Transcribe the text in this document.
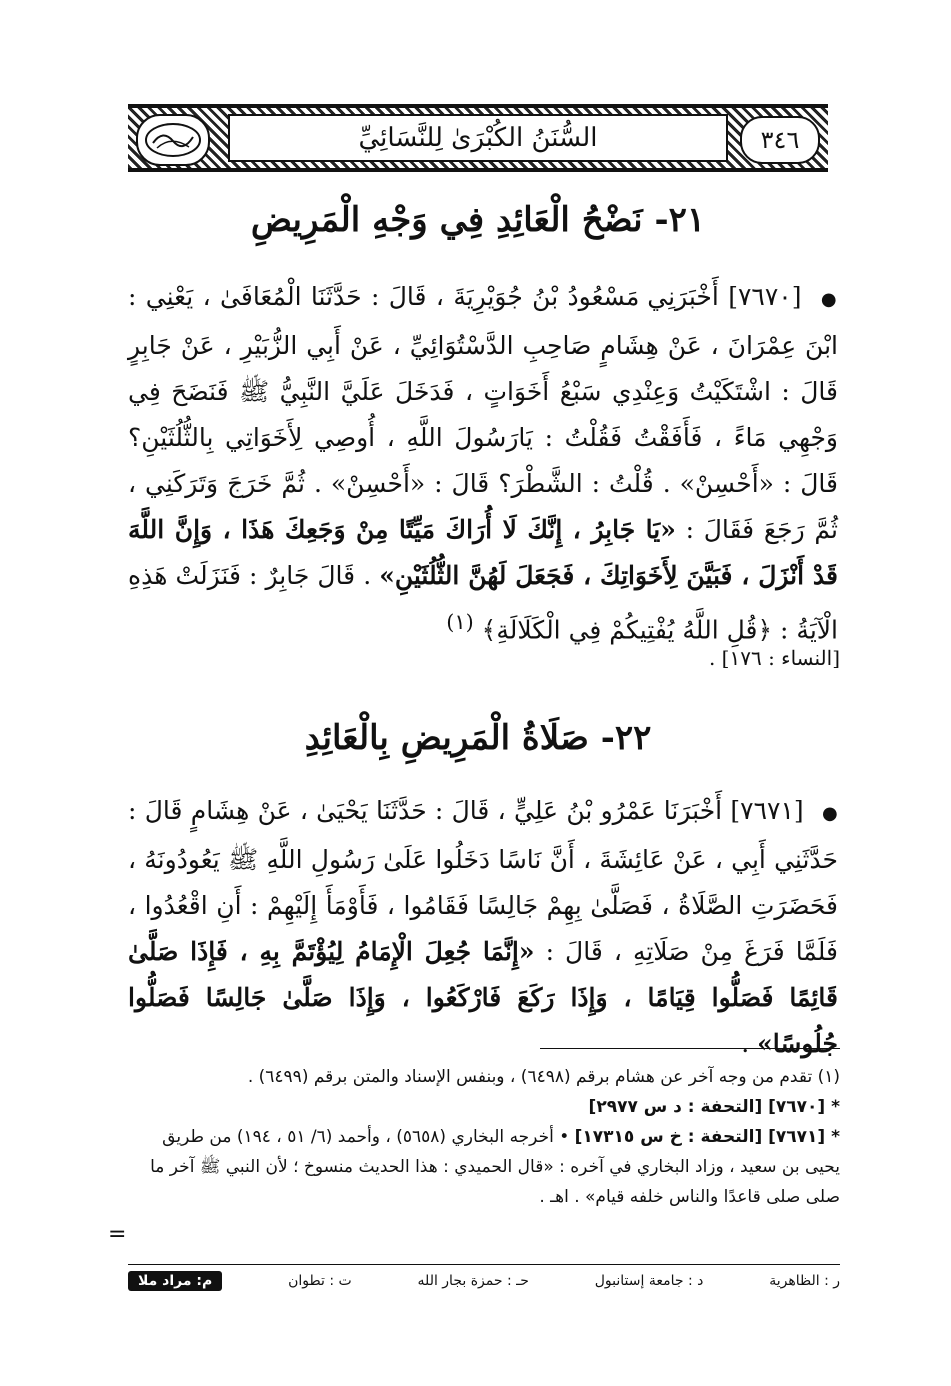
٣٤٦
السُّنَنُ الكُبْرَىٰ لِلنَّسَائِيِّ
٢١- نَضْحُ الْعَائِدِ فِي وَجْهِ الْمَرِيضِ
● [٧٦٧٠] أَخْبَرَنِي مَسْعُودُ بْنُ جُوَيْرِيَةَ ، قَالَ : حَدَّثَنَا الْمُعَافَىٰ ، يَعْنِي : ابْنَ عِمْرَانَ ، عَنْ هِشَامٍ صَاحِبِ الدَّسْتُوَائِيِّ ، عَنْ أَبِي الزُّبَيْرِ ، عَنْ جَابِرٍ قَالَ : اشْتَكَيْتُ وَعِنْدِي سَبْعُ أَخَوَاتٍ ، فَدَخَلَ عَلَيَّ النَّبِيُّ ﷺ فَنَضَحَ فِي وَجْهِي مَاءً ، فَأَفَقْتُ فَقُلْتُ : يَارَسُولَ اللَّهِ ، أُوصِي لِأَخَوَاتِي بِالثُّلُثَيْنِ؟ قَالَ : «أَحْسِنْ» . قُلْتُ : الشَّطْرَ؟ قَالَ : «أَحْسِنْ» . ثُمَّ خَرَجَ وَتَرَكَنِي ، ثُمَّ رَجَعَ فَقَالَ : «يَا جَابِرُ ، إِنَّكَ لَا أُرَاكَ مَيِّتًا مِنْ وَجَعِكَ هَذَا ، وَإِنَّ اللَّهَ قَدْ أَنْزَلَ ، فَبَيَّنَ لِأَخَوَاتِكَ ، فَجَعَلَ لَهُنَّ الثُّلُثَيْنِ» . قَالَ جَابِرٌ : فَنَزَلَتْ هَذِهِ الْآيَةُ : ﴿قُلِ اللَّهُ يُفْتِيكُمْ فِي الْكَلَالَةِ﴾ $^{(١)}$
[النساء : ١٧٦] .
٢٢- صَلَاةُ الْمَرِيضِ بِالْعَائِدِ
● [٧٦٧١] أَخْبَرَنَا عَمْرُو بْنُ عَلِيٍّ ، قَالَ : حَدَّثَنَا يَحْيَىٰ ، عَنْ هِشَامٍ قَالَ : حَدَّثَنِي أَبِي ، عَنْ عَائِشَةَ ، أَنَّ نَاسًا دَخَلُوا عَلَىٰ رَسُولِ اللَّهِ ﷺ يَعُودُونَهُ ، فَحَضَرَتِ الصَّلَاةُ ، فَصَلَّىٰ بِهِمْ جَالِسًا فَقَامُوا ، فَأَوْمَأَ إِلَيْهِمْ : أَنِ اقْعُدُوا ، فَلَمَّا فَرَغَ مِنْ صَلَاتِهِ ، قَالَ : «إِنَّمَا جُعِلَ الْإِمَامُ لِيُؤْتَمَّ بِهِ ، فَإِذَا صَلَّىٰ قَائِمًا فَصَلُّوا قِيَامًا ، وَإِذَا رَكَعَ فَارْكَعُوا ، وَإِذَا صَلَّىٰ جَالِسًا فَصَلُّوا جُلُوسًا» .

(١) تقدم من وجه آخر عن هشام برقم (٦٤٩٨) ، وبنفس الإسناد والمتن برقم (٦٤٩٩) .

* [٧٦٧٠] [التحفة : د س ٢٩٧٧]

* [٧٦٧١] [التحفة : خ س ١٧٣١٥] • أخرجه البخاري (٥٦٥٨) ، وأحمد (٦/ ٥١ ، ١٩٤) من طريق يحيى بن سعيد ، وزاد البخاري في آخره : «قال الحميدي : هذا الحديث منسوخ ؛ لأن النبي ﷺ آخر ما صلى صلى قاعدًا والناس خلفه قيام» . اهـ .

=
م: مراد ملا	ت : تطوان	حـ : حمزة بجار الله	د : جامعة إستانبول	ر : الظاهرية
